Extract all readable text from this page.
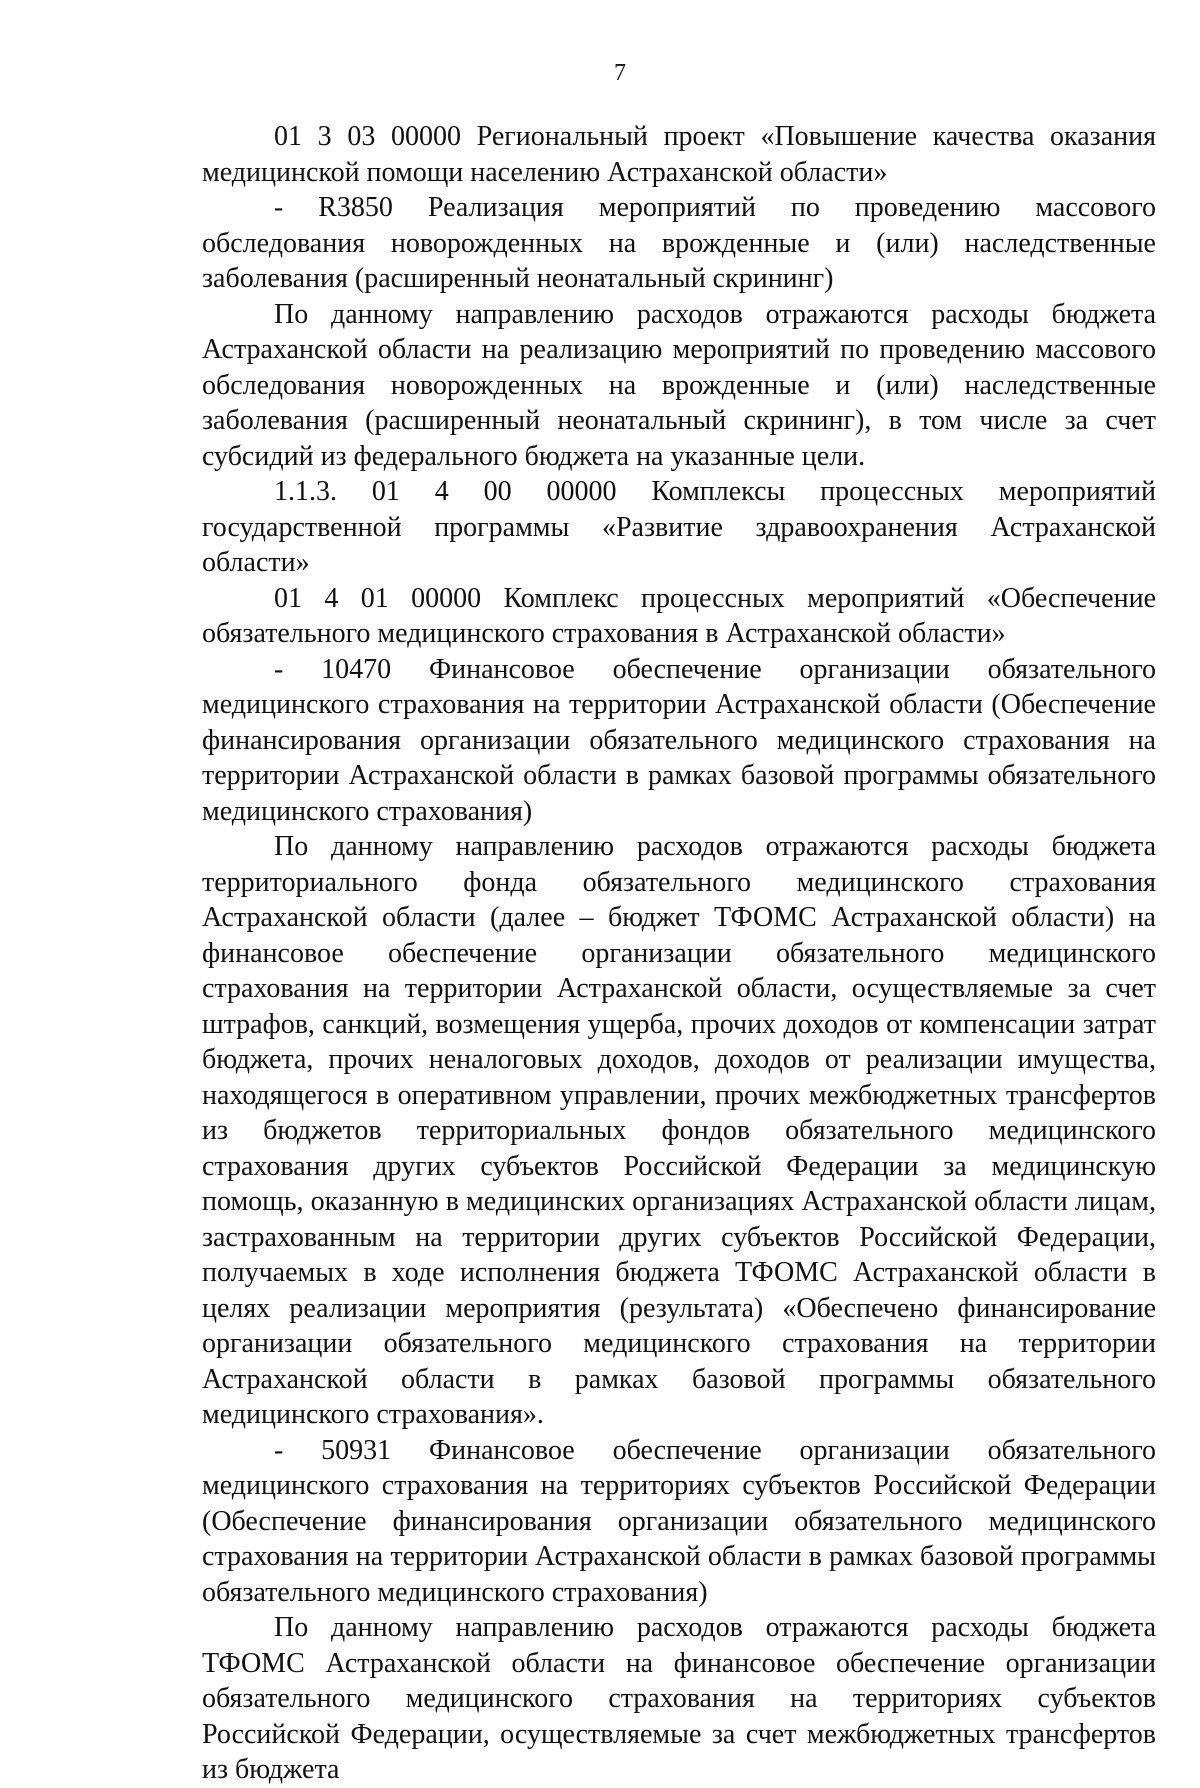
7

01 3 03 00000 Региональный проект «Повышение качества оказания медицинской помощи населению Астраханской области»

- R3850 Реализация мероприятий по проведению массового обследования новорожденных на врожденные и (или) наследственные заболевания (расширенный неонатальный скрининг)

По данному направлению расходов отражаются расходы бюджета Астраханской области на реализацию мероприятий по проведению массового обследования новорожденных на врожденные и (или) наследственные заболевания (расширенный неонатальный скрининг), в том числе за счет субсидий из федерального бюджета на указанные цели.

1.1.3. 01 4 00 00000 Комплексы процессных мероприятий государственной программы «Развитие здравоохранения Астраханской области»

01 4 01 00000 Комплекс процессных мероприятий «Обеспечение обязательного медицинского страхования в Астраханской области»

- 10470 Финансовое обеспечение организации обязательного медицинского страхования на территории Астраханской области (Обеспечение финансирования организации обязательного медицинского страхования на территории Астраханской области в рамках базовой программы обязательного медицинского страхования)

По данному направлению расходов отражаются расходы бюджета территориального фонда обязательного медицинского страхования Астраханской области (далее – бюджет ТФОМС Астраханской области) на финансовое обеспечение организации обязательного медицинского страхования на территории Астраханской области, осуществляемые за счет штрафов, санкций, возмещения ущерба, прочих доходов от компенсации затрат бюджета, прочих неналоговых доходов, доходов от реализации имущества, находящегося в оперативном управлении, прочих межбюджетных трансфертов из бюджетов территориальных фондов обязательного медицинского страхования других субъектов Российской Федерации за медицинскую помощь, оказанную в медицинских организациях Астраханской области лицам, застрахованным на территории других субъектов Российской Федерации, получаемых в ходе исполнения бюджета ТФОМС Астраханской области в целях реализации мероприятия (результата) «Обеспечено финансирование организации обязательного медицинского страхования на территории Астраханской области в рамках базовой программы обязательного медицинского страхования».

- 50931 Финансовое обеспечение организации обязательного медицинского страхования на территориях субъектов Российской Федерации (Обеспечение финансирования организации обязательного медицинского страхования на территории Астраханской области в рамках базовой программы обязательного медицинского страхования)

По данному направлению расходов отражаются расходы бюджета ТФОМС Астраханской области на финансовое обеспечение организации обязательного медицинского страхования на территориях субъектов Российской Федерации, осуществляемые за счет межбюджетных трансфертов из бюджета
